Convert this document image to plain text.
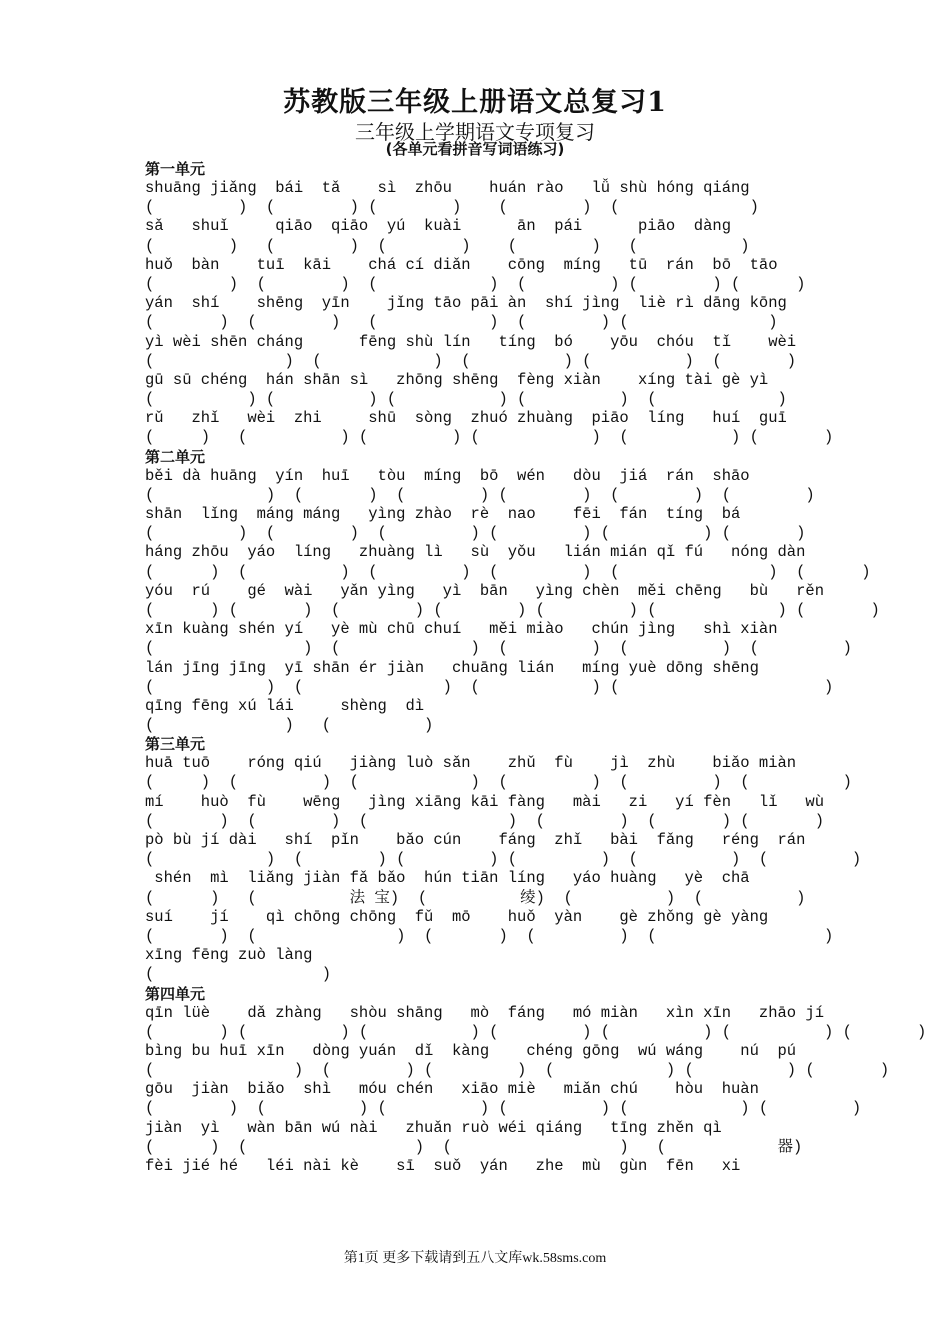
苏教版三年级上册语文总复习1
三年级上学期语文专项复习
(各单元看拼音写词语练习)
第一单元
shuāng jiǎng  bái  tǎ    sì  zhōu    huán rào   lǚ shù hóng qiáng
(         )  (        ) (        )    (        )  (              )
sǎ   shuǐ     qiāo  qiāo  yú  kuài      ān  pái      piāo  dàng
(        )   (        )  (        )    (        )   (           )
huǒ  bàn    tuī  kāi    chá cí diǎn    cōng  míng   tū  rán  bō  tāo
(        )  (        )  (            )  (         ) (        ) (      )
yán  shí    shēng  yīn    jǐng tāo pāi àn  shí jìng  liè rì dāng kōng
(       )  (        )   (            )  (        ) (               )
yì wèi shēn cháng      fēng shù lín   tíng  bó    yōu  chóu  tǐ    wèi
(              )  (            )  (          ) (          )  (       )
gū sū chéng  hán shān sì   zhōng shēng  fèng xiàn    xíng tài gè yì
(          ) (          ) (           ) (          )  (             )
rǔ   zhǐ   wèi  zhi     shū  sòng  zhuó zhuàng  piāo  líng   huí  guī
(     )   (          ) (         ) (            )  (           ) (       )
第二单元
běi dà huāng  yín  huī   tòu  míng  bō  wén   dòu  jiá  rán  shāo
(            )  (       )  (        ) (        )  (        )  (        )
shān  lǐng  máng máng   yìng zhào  rè  nao    fēi  fán  tíng  bá
(         )  (        )  (         ) (         ) (          ) (       )
háng zhōu  yáo  líng   zhuàng lì   sù  yǒu   lián mián qǐ fú   nóng dàn
(      )  (          )  (         )  (         )  (                )  (      )
yóu  rú    gé  wài   yǎn yìng   yì  bān   yìng chèn  měi chēng   bù   rěn
(      ) (       )  (        ) (        ) (         ) (             ) (       )
xīn kuàng shén yí   yè mù chū chuí   měi miào   chún jìng   shì xiàn
(                )  (              )  (         )  (          )  (         )
lán jīng jīng  yī shān ér jiàn   chuāng lián   míng yuè dōng shēng
(            )  (               )  (            ) (                      )
qīng fēng xú lái     shèng  dì
(              )   (          )
第三单元
huā tuō    róng qiú   jiàng luò sǎn    zhǔ  fù    jì  zhù    biǎo miàn
(     )  (         )  (            )  (         )  (         )  (          )
mí    huò  fù    wēng   jìng xiāng kāi fàng   mài   zi   yí fèn   lǐ   wù
(       )  (        )  (               )  (        )  (       ) (       )
pò bù jí dài   shí  pǐn    bǎo cún    fáng  zhǐ   bài  fǎng   réng  rán
(            )  (        ) (         ) (         )  (          )  (         )
shén  mì  liǎng jiàn fǎ bǎo  hún tiān líng   yáo huàng   yè  chā
(      )   (          法 宝)  (          绫)  (          )  (          )
suí    jí    qì chōng chōng  fǔ  mō    huǒ  yàn    gè zhǒng gè yàng
(       )  (               )  (       )  (         )  (                  )
xīng fēng zuò làng
(                  )
第四单元
qīn lüè    dǎ zhàng   shòu shāng   mò  fáng   mó miàn   xìn xīn   zhāo jí
(       ) (          ) (           ) (         ) (          ) (          ) (       )
bìng bu huī xīn   dòng yuán  dǐ  kàng    chéng gōng  wú wáng    nú  pú
(               )  (        ) (         )  (            ) (          ) (       )
gōu  jiàn  biǎo  shì   móu chén   xiāo miè   miǎn chú    hòu  huàn
(        )  (          ) (          ) (          ) (            ) (         )
jiàn  yì   wàn bān wú nài   zhuǎn ruò wéi qiáng   tīng zhěn qì
(      )  (                  )  (                  )   (            器)
fèi jié hé   léi nài kè    sī  suǒ  yán   zhe  mù  gùn  fēn   xi
第1页 更多下载请到五八文库wk.58sms.com
